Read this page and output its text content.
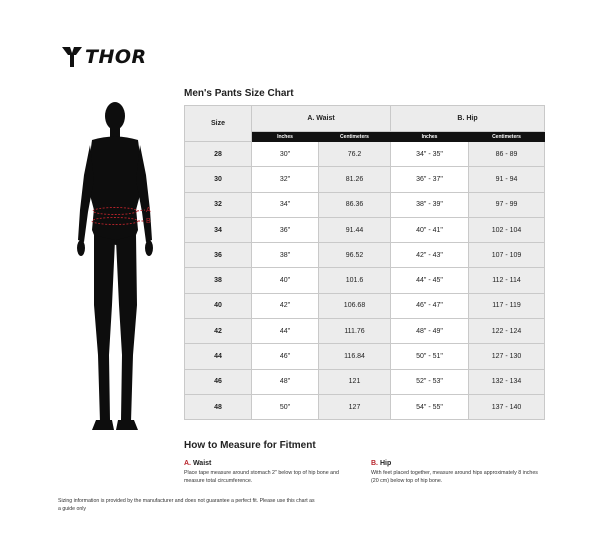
THOR
A
B
Men's Pants Size Chart
Size	A. Waist		B. Hip	
	Inches	Centimeters	Inches	Centimeters
28	30"	76.2	34" - 35"	86 - 89
30	32"	81.26	36" - 37"	91 - 94
32	34"	86.36	38" - 39"	97 - 99
34	36"	91.44	40" - 41"	102 - 104
36	38"	96.52	42" - 43"	107 - 109
38	40"	101.6	44" - 45"	112 - 114
40	42"	106.68	46" - 47"	117 - 119
42	44"	111.76	48" - 49"	122 - 124
44	46"	116.84	50" - 51"	127 - 130
46	48"	121	52" - 53"	132 - 134
48	50"	127	54" - 55"	137 - 140
How to Measure for Fitment
A. Waist
Place tape measure around stomach 2" below top of hip bone and measure total circumference.
B. Hip
With feet placed together, measure around hips approximately 8 inches (20 cm) below top of hip bone.
Sizing information is provided by the manufacturer and does not guarantee a perfect fit. Please use this chart as a guide only
